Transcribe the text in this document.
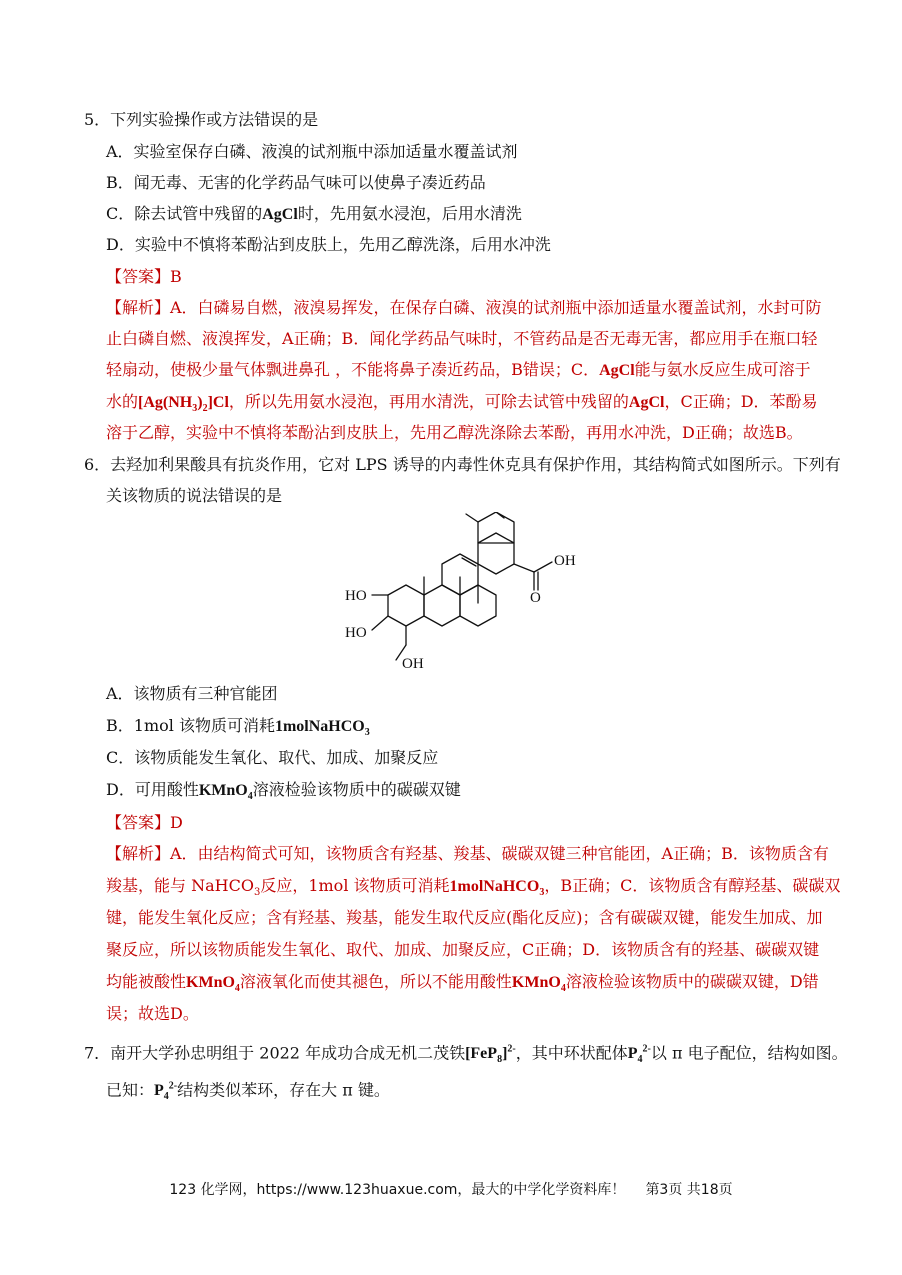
5．下列实验操作或方法错误的是
A．实验室保存白磷、液溴的试剂瓶中添加适量水覆盖试剂
B．闻无毒、无害的化学药品气味可以使鼻子凑近药品
C．除去试管中残留的AgCl时，先用氨水浸泡，后用水清洗
D．实验中不慎将苯酚沾到皮肤上，先用乙醇洗涤，后用水冲洗
【答案】B
【解析】A．白磷易自燃，液溴易挥发，在保存白磷、液溴的试剂瓶中添加适量水覆盖试剂，水封可防
止白磷自燃、液溴挥发，A正确；B．闻化学药品气味时，不管药品是否无毒无害，都应用手在瓶口轻
轻扇动，使极少量气体飘进鼻孔 ，不能将鼻子凑近药品，B错误；C．AgCl能与氨水反应生成可溶于
水的$[Ag(NH_3)_2]Cl$，所以先用氨水浸泡，再用水清洗，可除去试管中残留的AgCl，C正确；D．苯酚易
溶于乙醇，实验中不慎将苯酚沾到皮肤上，先用乙醇洗涤除去苯酚，再用水冲洗，D正确；故选B。
6．去羟加利果酸具有抗炎作用，它对 LPS 诱导的内毒性休克具有保护作用，其结构简式如图所示。下列有
关该物质的说法错误的是
OH
O
HO
HO
OH
A．该物质有三种官能团
B．1mol 该物质可消耗1molNaHCO$_3$
C．该物质能发生氧化、取代、加成、加聚反应
D．可用酸性KMnO$_4$溶液检验该物质中的碳碳双键
【答案】D
【解析】A．由结构简式可知，该物质含有羟基、羧基、碳碳双键三种官能团，A正确；B．该物质含有
羧基，能与 NaHCO$_3$反应，1mol 该物质可消耗1molNaHCO$_3$，B正确；C．该物质含有醇羟基、碳碳双
键，能发生氧化反应；含有羟基、羧基，能发生取代反应(酯化反应)；含有碳碳双键，能发生加成、加
聚反应，所以该物质能发生氧化、取代、加成、加聚反应，C正确；D．该物质含有的羟基、碳碳双键
均能被酸性KMnO$_4$溶液氧化而使其褪色，所以不能用酸性KMnO$_4$溶液检验该物质中的碳碳双键，D错
误；故选D。
7．南开大学孙忠明组于 2022 年成功合成无机二茂铁$[FeP_8]^{2-}$，其中环状配体$P_4^{2-}$以 π 电子配位，结构如图。
已知：$P_4^{2-}$结构类似苯环，存在大 π 键。
123 化学网，https://www.123huaxue.com，最大的中学化学资料库！ 第3页 共18页
